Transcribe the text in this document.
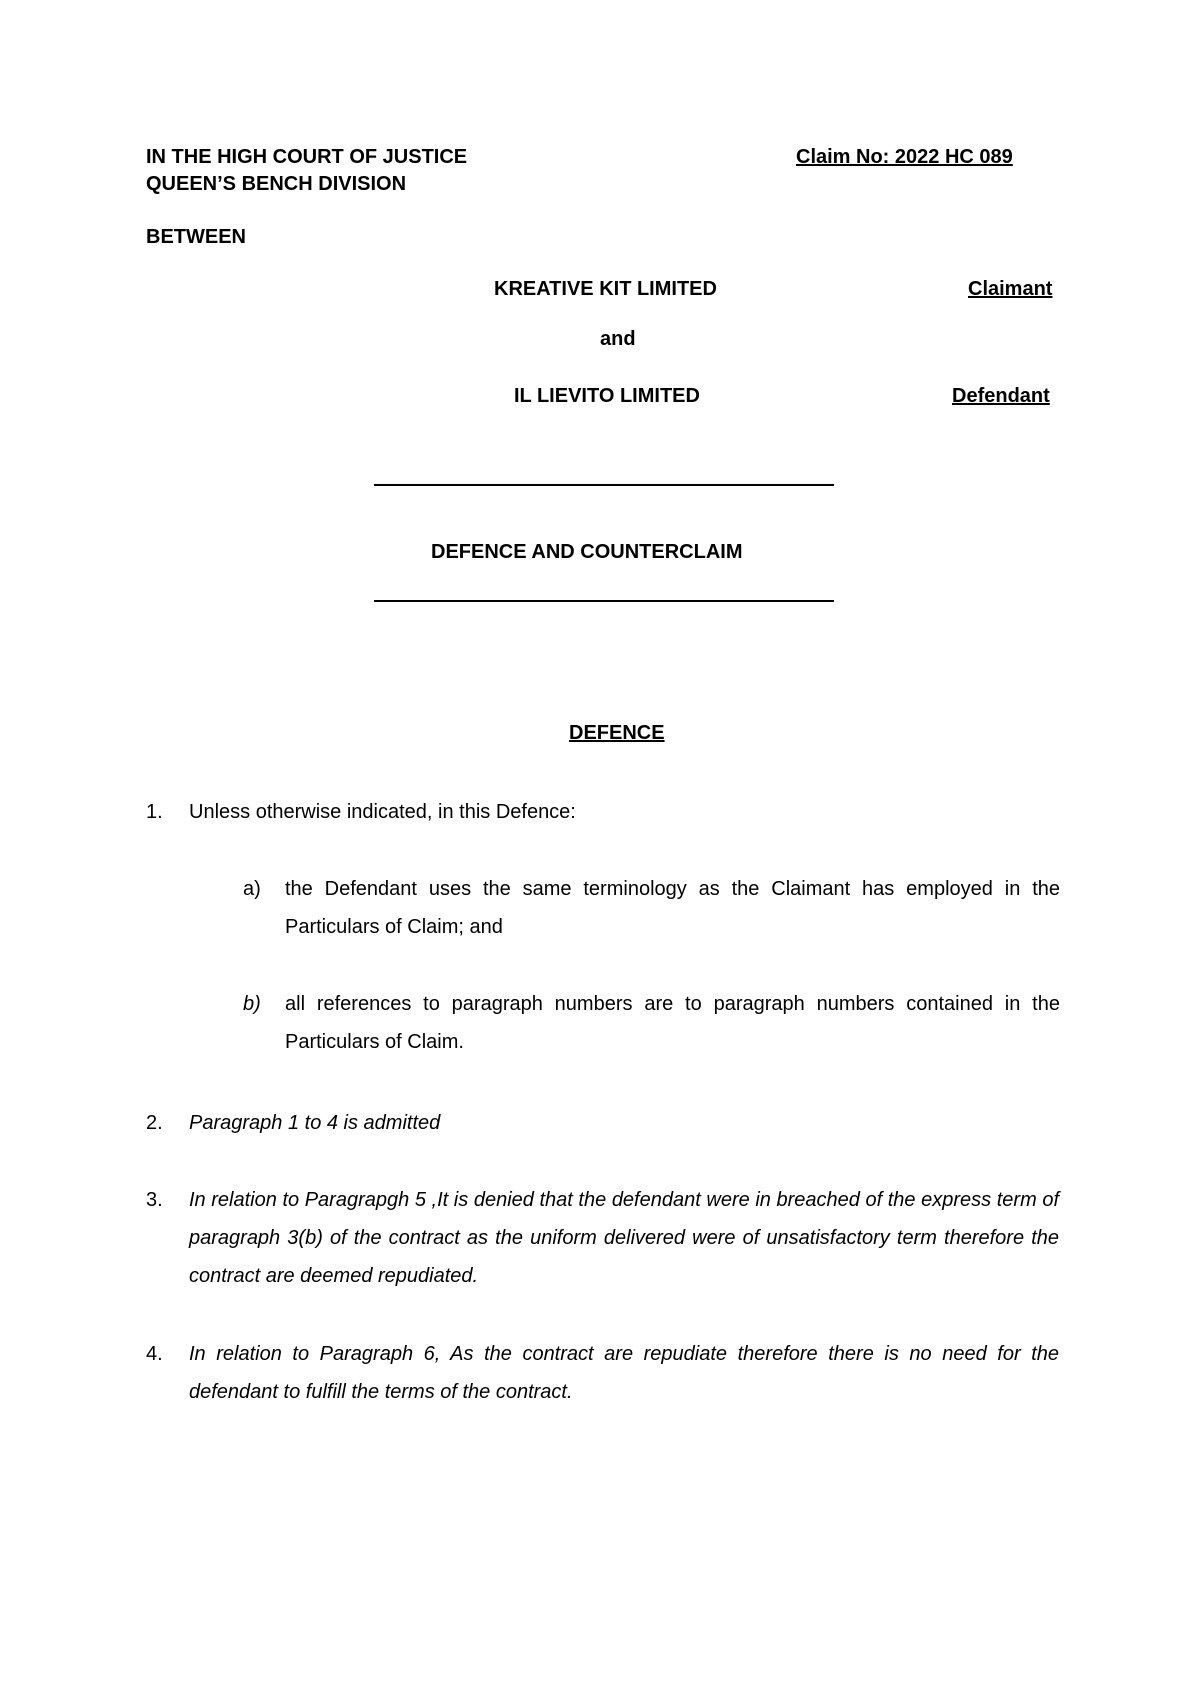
IN THE HIGH COURT OF JUSTICE
QUEEN’S BENCH DIVISION
Claim No: 2022 HC 089
BETWEEN
KREATIVE KIT LIMITED	Claimant
and
IL LIEVITO LIMITED	Defendant
DEFENCE AND COUNTERCLAIM
DEFENCE
1. Unless otherwise indicated, in this Defence:
a) the Defendant uses the same terminology as the Claimant has employed in the Particulars of Claim; and
b) all references to paragraph numbers are to paragraph numbers contained in the Particulars of Claim.
2. Paragraph 1 to 4 is admitted
3. In relation to Paragrapgh 5 ,It is denied that the defendant were in breached of the express term of paragraph 3(b) of the contract as the uniform delivered were of unsatisfactory term therefore the contract are deemed repudiated.
4. In relation to Paragraph 6, As the contract are repudiate therefore there is no need for the defendant to fulfill the terms of the contract.
